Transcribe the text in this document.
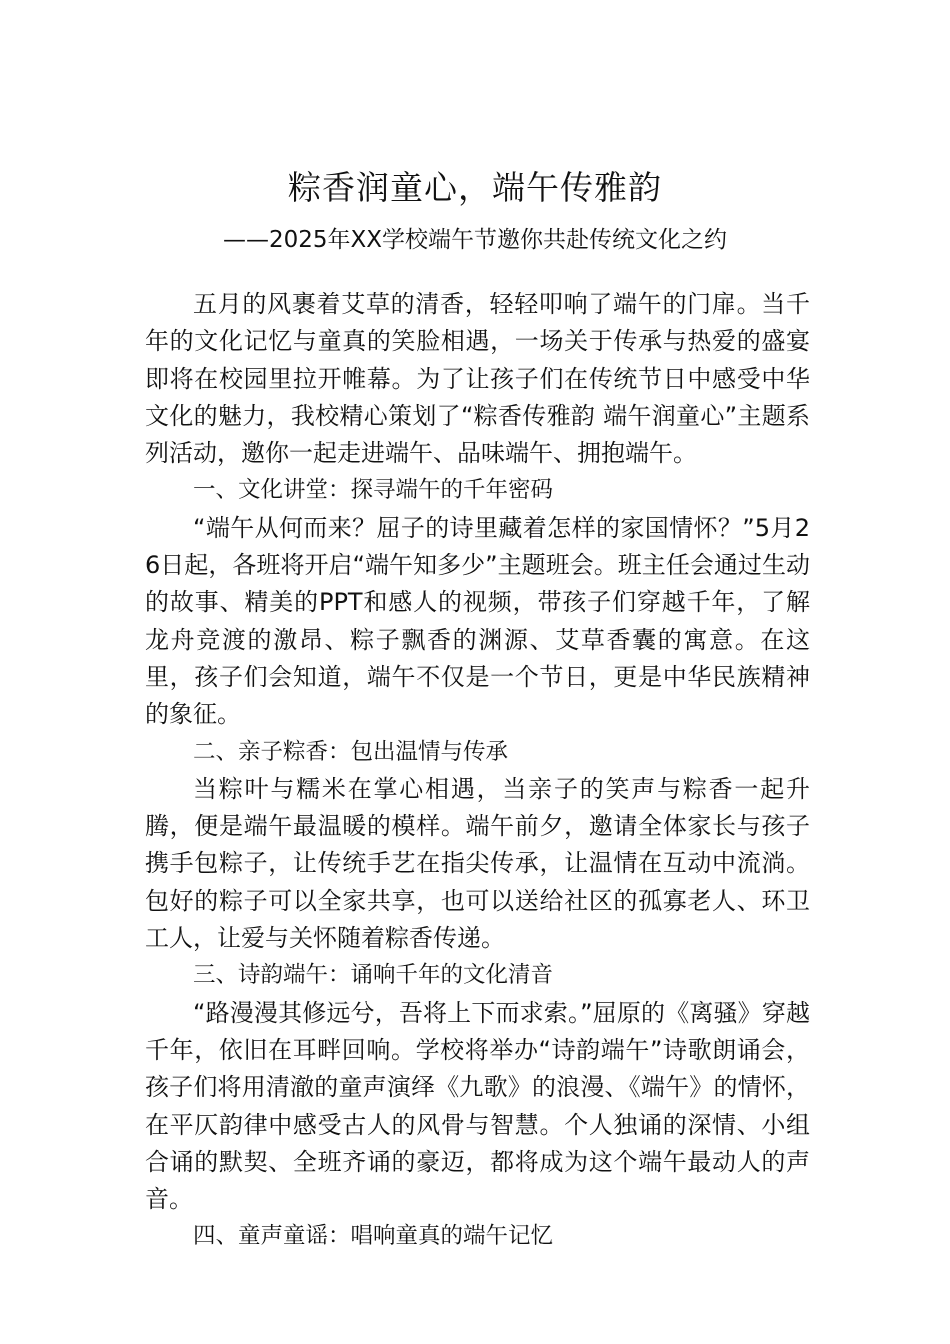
粽香润童心，端午传雅韵
——2025年XX学校端午节邀你共赴传统文化之约

五月的风裹着艾草的清香，轻轻叩响了端午的门扉。当千年的文化记忆与童真的笑脸相遇，一场关于传承与热爱的盛宴即将在校园里拉开帷幕。为了让孩子们在传统节日中感受中华文化的魅力，我校精心策划了“粽香传雅韵 端午润童心”主题系列活动，邀你一起走进端午、品味端午、拥抱端午。

一、文化讲堂：探寻端午的千年密码

“端午从何而来？屈子的诗里藏着怎样的家国情怀？”5月26日起，各班将开启“端午知多少”主题班会。班主任会通过生动的故事、精美的PPT和感人的视频，带孩子们穿越千年，了解龙舟竞渡的激昂、粽子飘香的渊源、艾草香囊的寓意。在这里，孩子们会知道，端午不仅是一个节日，更是中华民族精神的象征。

二、亲子粽香：包出温情与传承

当粽叶与糯米在掌心相遇，当亲子的笑声与粽香一起升腾，便是端午最温暖的模样。端午前夕，邀请全体家长与孩子携手包粽子，让传统手艺在指尖传承，让温情在互动中流淌。包好的粽子可以全家共享，也可以送给社区的孤寡老人、环卫工人，让爱与关怀随着粽香传递。

三、诗韵端午：诵响千年的文化清音

“路漫漫其修远兮，吾将上下而求索。”屈原的《离骚》穿越千年，依旧在耳畔回响。学校将举办“诗韵端午”诗歌朗诵会，孩子们将用清澈的童声演绎《九歌》的浪漫、《端午》的情怀，在平仄韵律中感受古人的风骨与智慧。个人独诵的深情、小组合诵的默契、全班齐诵的豪迈，都将成为这个端午最动人的声音。

四、童声童谣：唱响童真的端午记忆
